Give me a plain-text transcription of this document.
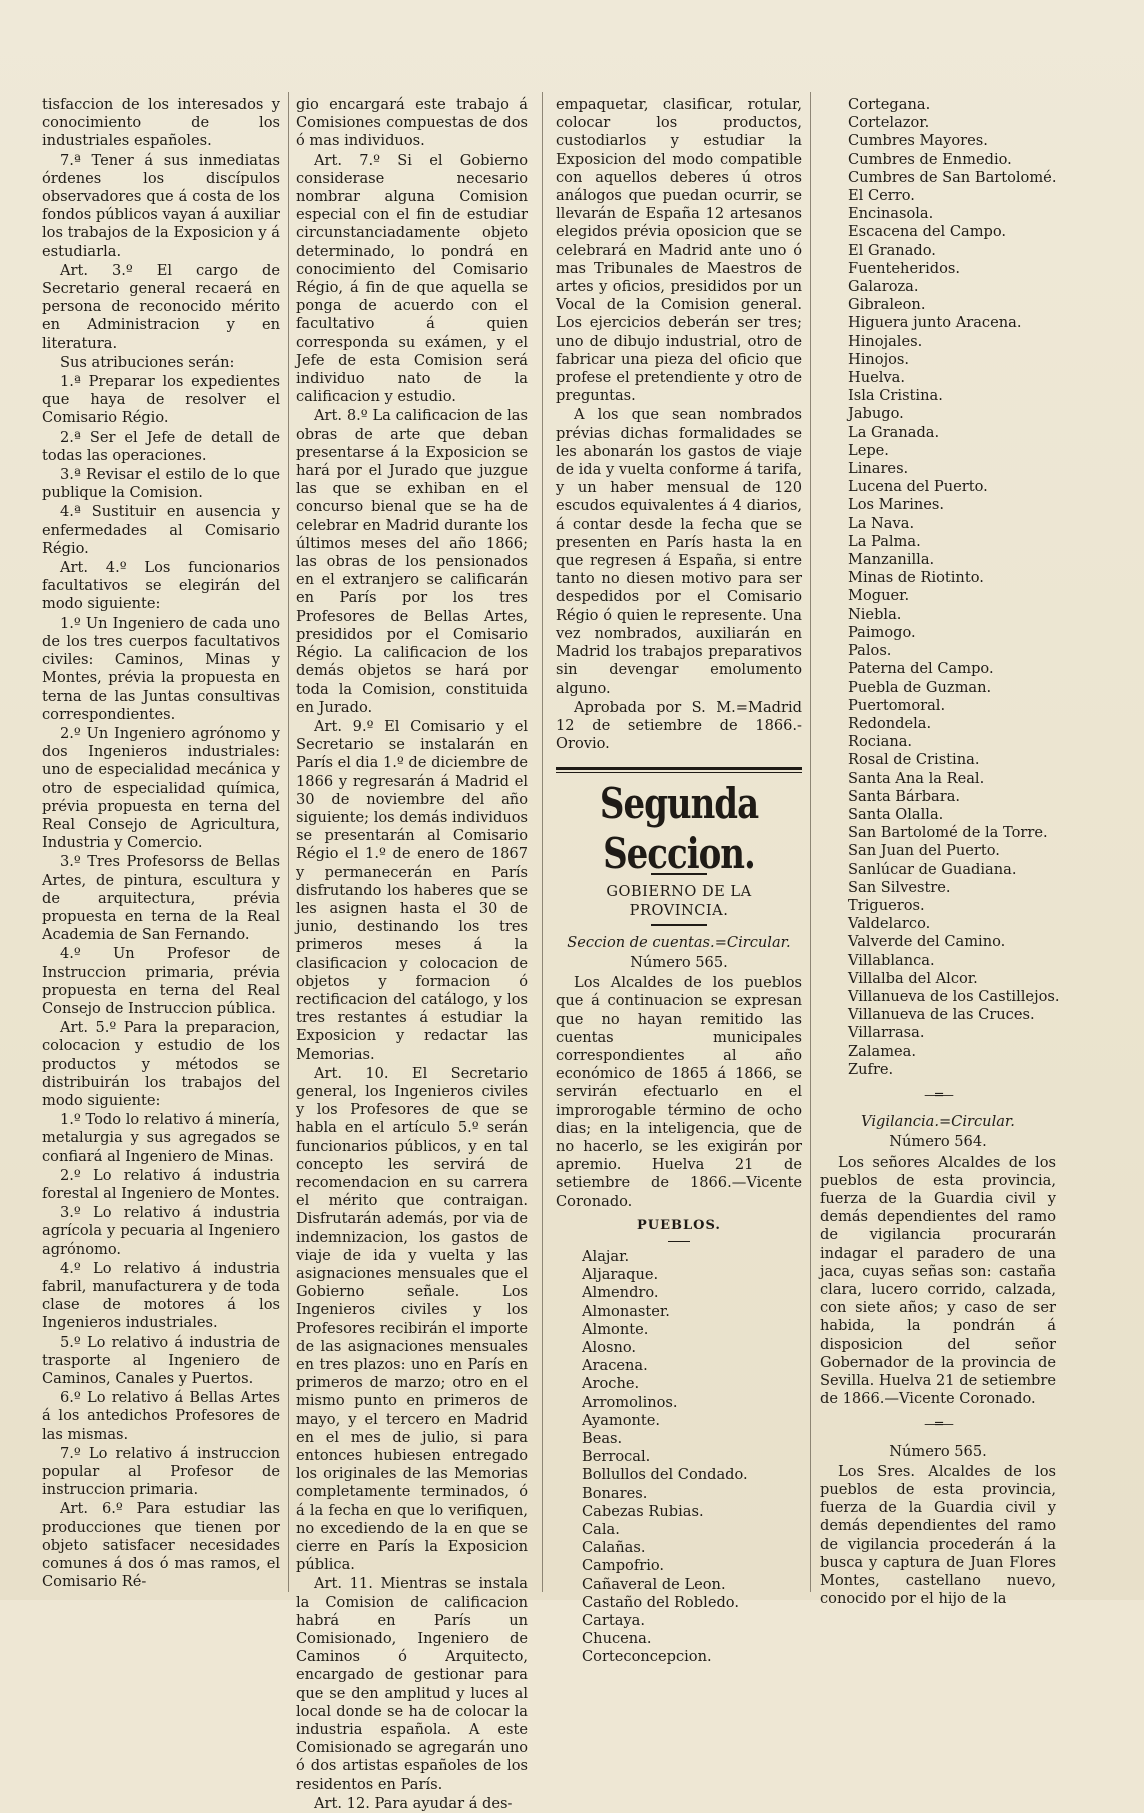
tisfaccion de los interesados y conocimiento de los industriales españoles.

7.ª Tener á sus inmediatas órdenes los discípulos observadores que á costa de los fondos públicos vayan á auxiliar los trabajos de la Exposicion y á estudiarla.

Art. 3.º El cargo de Secretario general recaerá en persona de reconocido mérito en Administracion y en literatura.

Sus atribuciones serán:

1.ª Preparar los expedientes que haya de resolver el Comisario Régio.

2.ª Ser el Jefe de detall de todas las operaciones.

3.ª Revisar el estilo de lo que publique la Comision.

4.ª Sustituir en ausencia y enfermedades al Comisario Régio.

Art. 4.º Los funcionarios facultativos se elegirán del modo siguiente:

1.º Un Ingeniero de cada uno de los tres cuerpos facultativos civiles: Caminos, Minas y Montes, prévia la propuesta en terna de las Juntas consultivas correspondientes.

2.º Un Ingeniero agrónomo y dos Ingenieros industriales: uno de especialidad mecánica y otro de especialidad química, prévia propuesta en terna del Real Consejo de Agricultura, Industria y Comercio.

3.º Tres Profesorss de Bellas Artes, de pintura, escultura y de arquitectura, prévia propuesta en terna de la Real Academia de San Fernando.

4.º Un Profesor de Instruccion primaria, prévia propuesta en terna del Real Consejo de Instruccion pública.

Art. 5.º Para la preparacion, colocacion y estudio de los productos y métodos se distribuirán los trabajos del modo siguiente:

1.º Todo lo relativo á minería, metalurgia y sus agregados se confiará al Ingeniero de Minas.

2.º Lo relativo á industria forestal al Ingeniero de Montes.

3.º Lo relativo á industria agrícola y pecuaria al Ingeniero agrónomo.

4.º Lo relativo á industria fabril, manufacturera y de toda clase de motores á los Ingenieros industriales.

5.º Lo relativo á industria de trasporte al Ingeniero de Caminos, Canales y Puertos.

6.º Lo relativo á Bellas Artes á los antedichos Profesores de las mismas.

7.º Lo relativo á instruccion popular al Profesor de instruccion primaria.

Art. 6.º Para estudiar las producciones que tienen por objeto satisfacer necesidades comunes á dos ó mas ramos, el Comisario Ré-

gio encargará este trabajo á Comisiones compuestas de dos ó mas individuos.

Art. 7.º Si el Gobierno considerase necesario nombrar alguna Comision especial con el fin de estudiar circunstanciadamente objeto determinado, lo pondrá en conocimiento del Comisario Régio, á fin de que aquella se ponga de acuerdo con el facultativo á quien corresponda su exámen, y el Jefe de esta Comision será individuo nato de la calificacion y estudio.

Art. 8.º La calificacion de las obras de arte que deban presentarse á la Exposicion se hará por el Jurado que juzgue las que se exhiban en el concurso bienal que se ha de celebrar en Madrid durante los últimos meses del año 1866; las obras de los pensionados en el extranjero se calificarán en París por los tres Profesores de Bellas Artes, presididos por el Comisario Régio. La calificacion de los demás objetos se hará por toda la Comision, constituida en Jurado.

Art. 9.º El Comisario y el Secretario se instalarán en París el dia 1.º de diciembre de 1866 y regresarán á Madrid el 30 de noviembre del año siguiente; los demás individuos se presentarán al Comisario Régio el 1.º de enero de 1867 y permanecerán en París disfrutando los haberes que se les asignen hasta el 30 de junio, destinando los tres primeros meses á la clasificacion y colocacion de objetos y formacion ó rectificacion del catálogo, y los tres restantes á estudiar la Exposicion y redactar las Memorias.

Art. 10. El Secretario general, los Ingenieros civiles y los Profesores de que se habla en el artículo 5.º serán funcionarios públicos, y en tal concepto les servirá de recomendacion en su carrera el mérito que contraigan. Disfrutarán además, por via de indemnizacion, los gastos de viaje de ida y vuelta y las asignaciones mensuales que el Gobierno señale. Los Ingenieros civiles y los Profesores recibirán el importe de las asignaciones mensuales en tres plazos: uno en París en primeros de marzo; otro en el mismo punto en primeros de mayo, y el tercero en Madrid en el mes de julio, si para entonces hubiesen entregado los originales de las Memorias completamente terminados, ó á la fecha en que lo verifiquen, no excediendo de la en que se cierre en París la Exposicion pública.

Art. 11. Mientras se instala la Comision de calificacion habrá en París un Comisionado, Ingeniero de Caminos ó Arquitecto, encargado de gestionar para que se den amplitud y luces al local donde se ha de colocar la industria española. A este Comisionado se agregarán uno ó dos artistas españoles de los residentos en París.

Art. 12. Para ayudar á des-

empaquetar, clasificar, rotular, colocar los productos, custodiarlos y estudiar la Exposicion del modo compatible con aquellos deberes ú otros análogos que puedan ocurrir, se llevarán de España 12 artesanos elegidos prévia oposicion que se celebrará en Madrid ante uno ó mas Tribunales de Maestros de artes y oficios, presididos por un Vocal de la Comision general. Los ejercicios deberán ser tres; uno de dibujo industrial, otro de fabricar una pieza del oficio que profese el pretendiente y otro de preguntas.

A los que sean nombrados prévias dichas formalidades se les abonarán los gastos de viaje de ida y vuelta conforme á tarifa, y un haber mensual de 120 escudos equivalentes á 4 diarios, á contar desde la fecha que se presenten en París hasta la en que regresen á España, si entre tanto no diesen motivo para ser despedidos por el Comisario Régio ó quien le represente. Una vez nombrados, auxiliarán en Madrid los trabajos preparativos sin devengar emolumento alguno.

Aprobada por S. M.=Madrid 12 de setiembre de 1866.-Orovio.

Segunda Seccion.

GOBIERNO DE LA PROVINCIA.

Seccion de cuentas.=Circular.

Número 565.

Los Alcaldes de los pueblos que á continuacion se expresan que no hayan remitido las cuentas municipales correspondientes al año económico de 1865 á 1866, se servirán efectuarlo en el improrogable término de ocho dias; en la inteligencia, que de no hacerlo, se les exigirán por apremio. Huelva 21 de setiembre de 1866.—Vicente Coronado.

PUEBLOS.

Alajar.

Aljaraque.

Almendro.

Almonaster.

Almonte.

Alosno.

Aracena.

Aroche.

Arromolinos.

Ayamonte.

Beas.

Berrocal.

Bollullos del Condado.

Bonares.

Cabezas Rubias.

Cala.

Calañas.

Campofrio.

Cañaveral de Leon.

Castaño del Robledo.

Cartaya.

Chucena.

Corteconcepcion.

Cortegana.

Cortelazor.

Cumbres Mayores.

Cumbres de Enmedio.

Cumbres de San Bartolomé.

El Cerro.

Encinasola.

Escacena del Campo.

El Granado.

Fuenteheridos.

Galaroza.

Gibraleon.

Higuera junto Aracena.

Hinojales.

Hinojos.

Huelva.

Isla Cristina.

Jabugo.

La Granada.

Lepe.

Linares.

Lucena del Puerto.

Los Marines.

La Nava.

La Palma.

Manzanilla.

Minas de Riotinto.

Moguer.

Niebla.

Paimogo.

Palos.

Paterna del Campo.

Puebla de Guzman.

Puertomoral.

Redondela.

Rociana.

Rosal de Cristina.

Santa Ana la Real.

Santa Bárbara.

Santa Olalla.

San Bartolomé de la Torre.

San Juan del Puerto.

Sanlúcar de Guadiana.

San Silvestre.

Trigueros.

Valdelarco.

Valverde del Camino.

Villablanca.

Villalba del Alcor.

Villanueva de los Castillejos.

Villanueva de las Cruces.

Villarrasa.

Zalamea.

Zufre.

—═—

Vigilancia.=Circular.

Número 564.

Los señores Alcaldes de los pueblos de esta provincia, fuerza de la Guardia civil y demás dependientes del ramo de vigilancia procurarán indagar el paradero de una jaca, cuyas señas son: castaña clara, lucero corrido, calzada, con siete años; y caso de ser habida, la pondrán á disposicion del señor Gobernador de la provincia de Sevilla. Huelva 21 de setiembre de 1866.—Vicente Coronado.

—═—

Número 565.

Los Sres. Alcaldes de los pueblos de esta provincia, fuerza de la Guardia civil y demás dependientes del ramo de vigilancia procederán á la busca y captura de Juan Flores Montes, castellano nuevo, conocido por el hijo de la
